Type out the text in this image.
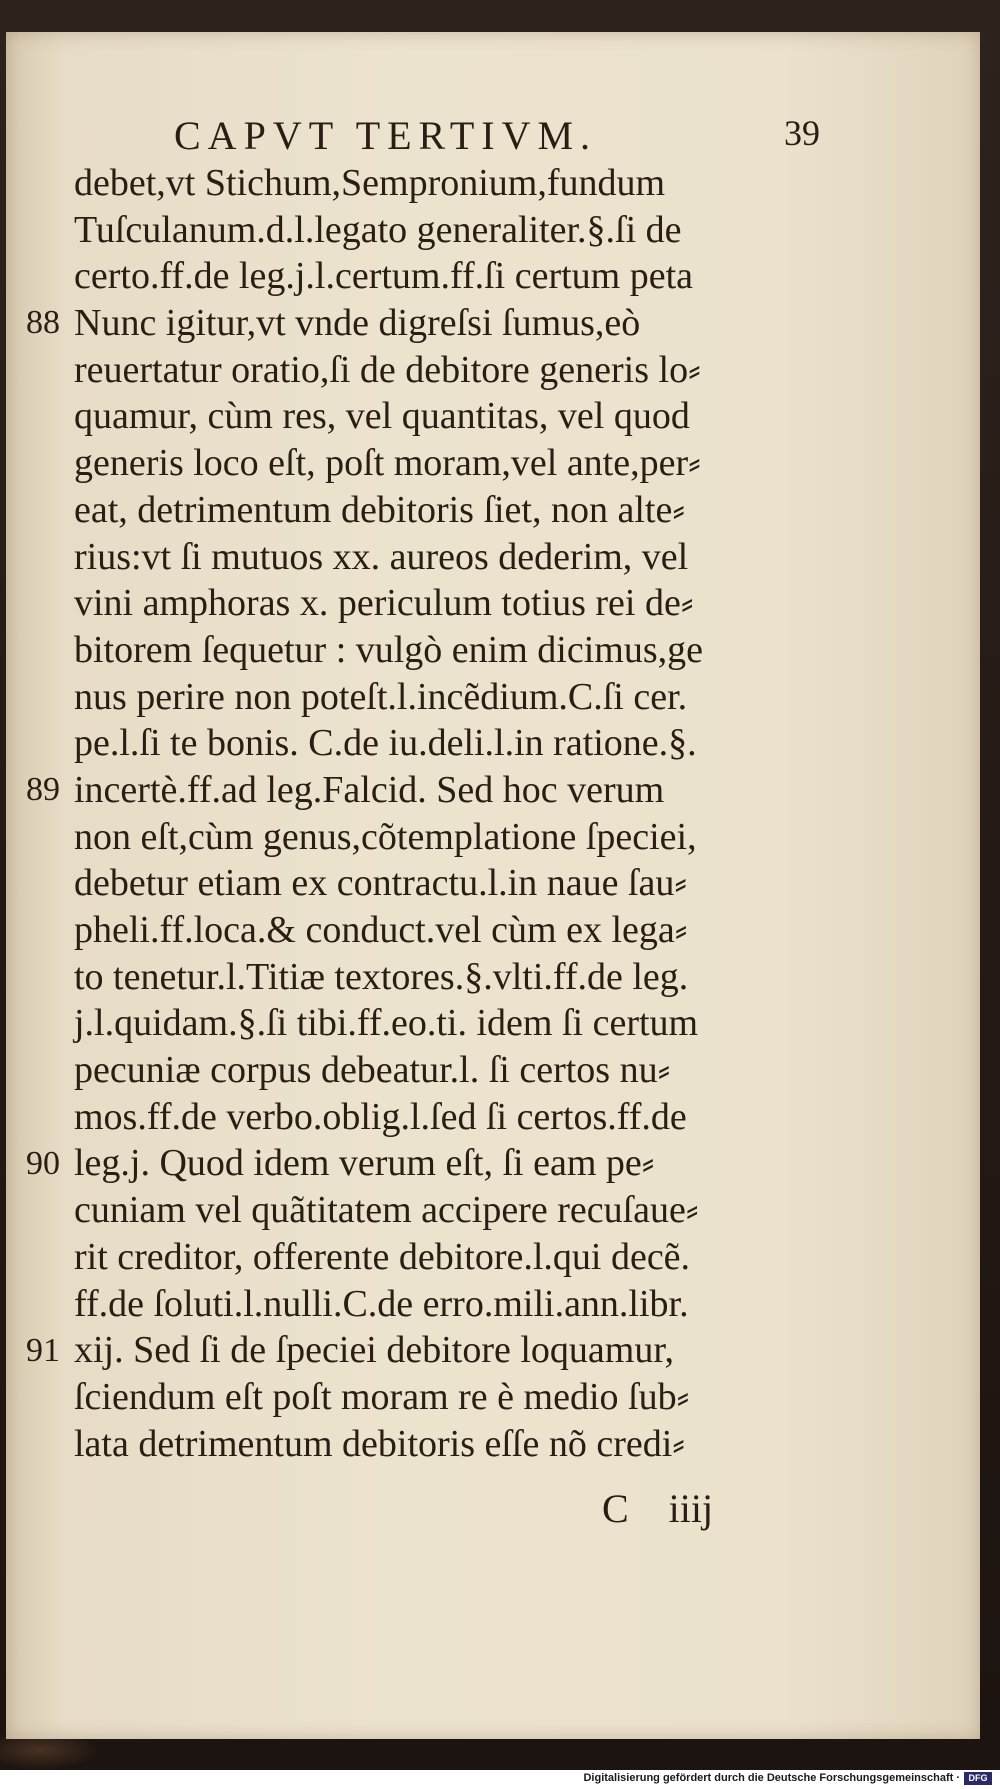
CAPVT TERTIVM.	39
debet,vt Stichum,Sempronium,fundum
Tuſculanum.d.l.legato generaliter.§.ſi de
certo.ff.de leg.j.l.certum.ff.ſi certum peta
Nunc igitur,vt vnde digreſsi ſumus,eò
reuertatur oratio,ſi de debitore generis lo⸗
quamur, cùm res, vel quantitas, vel quod
generis loco eſt, poſt moram,vel ante,per⸗
eat, detrimentum debitoris ſiet, non alte⸗
rius:vt ſi mutuos xx. aureos dederim, vel
vini amphoras x. periculum totius rei de⸗
bitorem ſequetur : vulgò enim dicimus,ge
nus perire non poteſt.l.incẽdium.C.ſi cer.
pe.l.ſi te bonis. C.de iu.deli.l.in ratione.§.
incertè.ff.ad leg.Falcid. Sed hoc verum
non eſt,cùm genus,cõtemplatione ſpeciei,
debetur etiam ex contractu.l.in naue ſau⸗
pheli.ff.loca.& conduct.vel cùm ex lega⸗
to tenetur.l.Titiæ textores.§.vlti.ff.de leg.
j.l.quidam.§.ſi tibi.ff.eo.ti. idem ſi certum
pecuniæ corpus debeatur.l. ſi certos nu⸗
mos.ff.de verbo.oblig.l.ſed ſi certos.ff.de
leg.j. Quod idem verum eſt, ſi eam pe⸗
cuniam vel quãtitatem accipere recuſaue⸗
rit creditor, offerente debitore.l.qui decẽ.
ff.de ſoluti.l.nulli.C.de erro.mili.ann.libr.
xij. Sed ſi de ſpeciei debitore loquamur,
ſciendum eſt poſt moram re è medio ſub⸗
lata detrimentum debitoris eſſe nõ credi⸗
88
89
90
91
C    iiij
Digitalisierung gefördert durch die Deutsche Forschungsgemeinschaft · DFG
